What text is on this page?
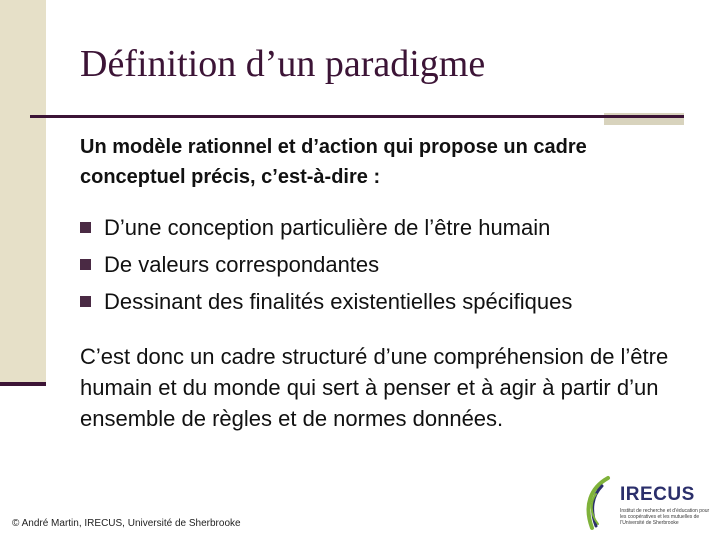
Définition d’un paradigme
Un modèle rationnel et d’action qui propose un cadre conceptuel précis, c’est-à-dire :
D’une conception particulière de l’être humain
De valeurs correspondantes
Dessinant des finalités existentielles spécifiques
C’est donc un cadre structuré d’une compréhension de l’être humain et du monde qui sert à penser et à agir à partir d’un ensemble de règles et de normes données.
© André Martin, IRECUS, Université de Sherbrooke
IRECUS
Institut de recherche et d’éducation pour les coopératives et les mutuelles de l’Université de Sherbrooke
